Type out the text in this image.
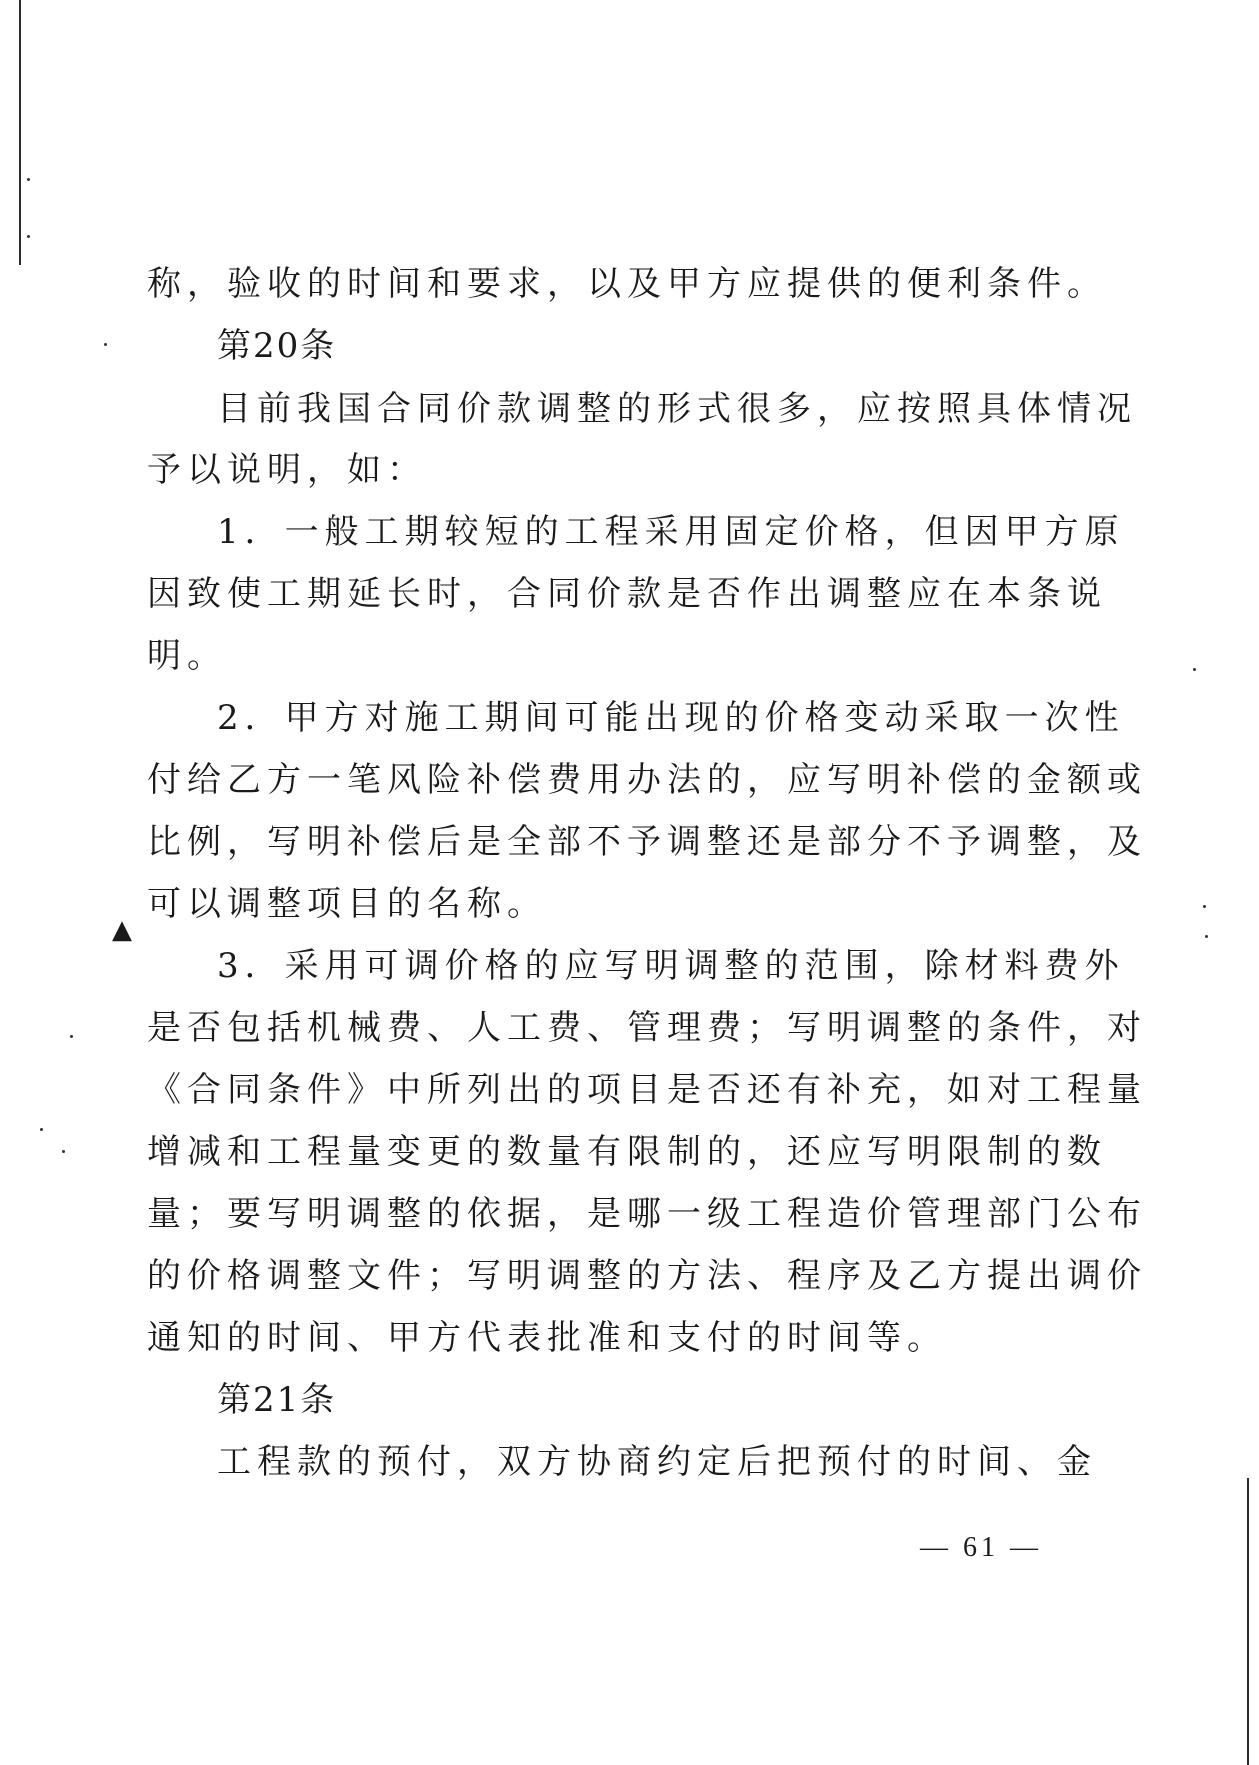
▲
称，验收的时间和要求，以及甲方应提供的便利条件。
第20条
目前我国合同价款调整的形式很多，应按照具体情况
予以说明，如：
1．一般工期较短的工程采用固定价格，但因甲方原
因致使工期延长时，合同价款是否作出调整应在本条说
明。
2．甲方对施工期间可能出现的价格变动采取一次性
付给乙方一笔风险补偿费用办法的，应写明补偿的金额或
比例，写明补偿后是全部不予调整还是部分不予调整，及
可以调整项目的名称。
3．采用可调价格的应写明调整的范围，除材料费外
是否包括机械费、人工费、管理费；写明调整的条件，对
《合同条件》中所列出的项目是否还有补充，如对工程量
增减和工程量变更的数量有限制的，还应写明限制的数
量；要写明调整的依据，是哪一级工程造价管理部门公布
的价格调整文件；写明调整的方法、程序及乙方提出调价
通知的时间、甲方代表批准和支付的时间等。
第21条
工程款的预付，双方协商约定后把预付的时间、金
— 61 —
